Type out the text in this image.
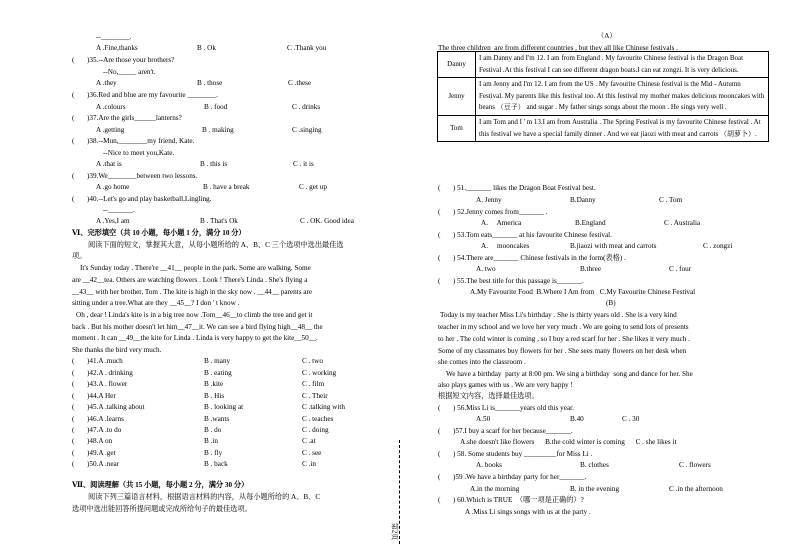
--________.
A .Fine,thanks	B . Ok	C .Thank you
(       )35.--Are those your brothers?
--No,_____ aren't.
A .they	B . those	C .these
(       )36.Red and blue are my favourite ________.
A .colours	B . food	C . drinks
(       )37.Are the girls______lanterns?
A .getting	B . making	C .singing
(       )38.--Mun,________my friend, Kate.
--Nice to meet you,Kate.
A .that is	B . this is	C . it is
(       )39.We________between two lessons.
A .go home	B . have a break	C . get up
(       )40.--Let's go and play basketball,Lingling.
--_______.
A .Yes,I am	B . That's Ok	C . OK. Good idea
Ⅵ、完形填空（共 10 小题，每小题 1 分，满分 10 分）
阅读下面的短文，掌握其大意，从每小题所给的 A、B、C 三个选项中选出最佳选
项。
It's Sunday today . There're __41__ people in the park. Some are walking. Some
are __42__tea. Others are watching flowers . Look ! There's Linda . She's flying a
__43__ with her brother, Tom . The kite is high in the sky now . __44__ parents are
sitting under a tree.What are they __45__? I don ' t know .
Oh , dear ! Linda's kite is in a big tree now .Tom__46__to climb the tree and get it
back . But his mother doesn't let him__47__it. We can see a bird flying high__48__ the
moment . It can __49__the kite for Linda . Linda is very happy to get the kite__50__.
She thanks the bird very much.
(       )41.A .much	B . many	C . two
(       )42.A . drinking	B . eating	C . working
(       )43.A . flower	B .kite	C . film
(       )44.A Her	B . His	C . Their
(       )45.A .talking about	B . looking at	C .talking with
(       )46.A .learns	B .wants	C . teaches
(       )47.A .to do	B . do	C . doing
(       )48.A on	B .in	C .at
(       )49.A .get	B . fly	C . see
(       )50.A .near	B . back	C .in
Ⅶ、阅读理解（共 15 小题，每小题 2 分，满分 30 分）
阅读下列三篇语言材料，根据语言材料的内容，从每小题所给的 A、B、C
选项中选出能回答所提问题或完成所给句子的最佳选项。
（A）
The three children  are from different countries , but they all like Chinese festivals .
Danny	I am Danny and I'm 12. I am from England . My favourite Chinese festival is the Dragon Boat Festival .At this festival I can see different dragon boats.I can eat zongzi. It is very delicious.
Jenny	I am Jenny and I'm 12. I am from the US . My favourite Chinese festival is the Mid - Autumn Festival. My parents like this festival too. At this festival my mother makes delicious mooncakes with beans （豆子） and sugar . My father sings songs about the moon . He sings very well .
Tom	I am Tom and I ' m 13.I am from Australia . The Spring Festival is my favourite Chinese festival . At this festival we have a special family dinner . And we eat jiaozi with meat and carrots （胡萝卜）.
(       ) 51._______ likes the Dragon Boat Festival best.
A. Jenny	B.Danny	C . Tom
(       ) 52.Jenny comes from_______ .
A.     America	B.England	C . Australia
(       ) 53.Tom eats_______ at his favourite Chinese festival.
A.     mooncakes	B.jiaozi with meat and carrots	C . zongzi
(       ) 54.There are_______ Chinese festivals in the form(表格) .
A. two	B.three	C . four
(       ) 55.The best title for this passage is_______.
A.My Favourite Food  B.Where I Am from   C.My Favourite Chinese Festival
(B)
Today is my teacher Miss Li's birthday . She is thirty years old . She is a very kind
teacher in my school and we love her very much . We are going to send lots of presents
to her . The cold winter is coming , so I buy a red scarf for her . She likes it very much .
Some of my classmates buy flowers for her . She sees many flowers on her desk when
she comes into the classroom .
We have a birthday  party at 8:00 pm. We sing a birthday  song and dance for her. She
also plays games with us . We are very happy !
根据短文内容，选择最佳选项。
(       ) 56.Miss Li is_______years old this year.
A.50	B.40	C . 30
(       )57.I buy a scarf for her because_______.
A.she doesn't like flowers      B.the cold winter is coming      C . she likes it
(       ) 58. Some students buy _________for Miss Li .
A. books	B. clothes	C . flowers
(       )59 .We have a birthday party for her_______.
A.in the morning	B. in the evening	C .in the afternoon
(       ) 60.Which is TRUE  （哪一项是正确的）?
A .Miss Li sings songs with us at the party .
第2页
